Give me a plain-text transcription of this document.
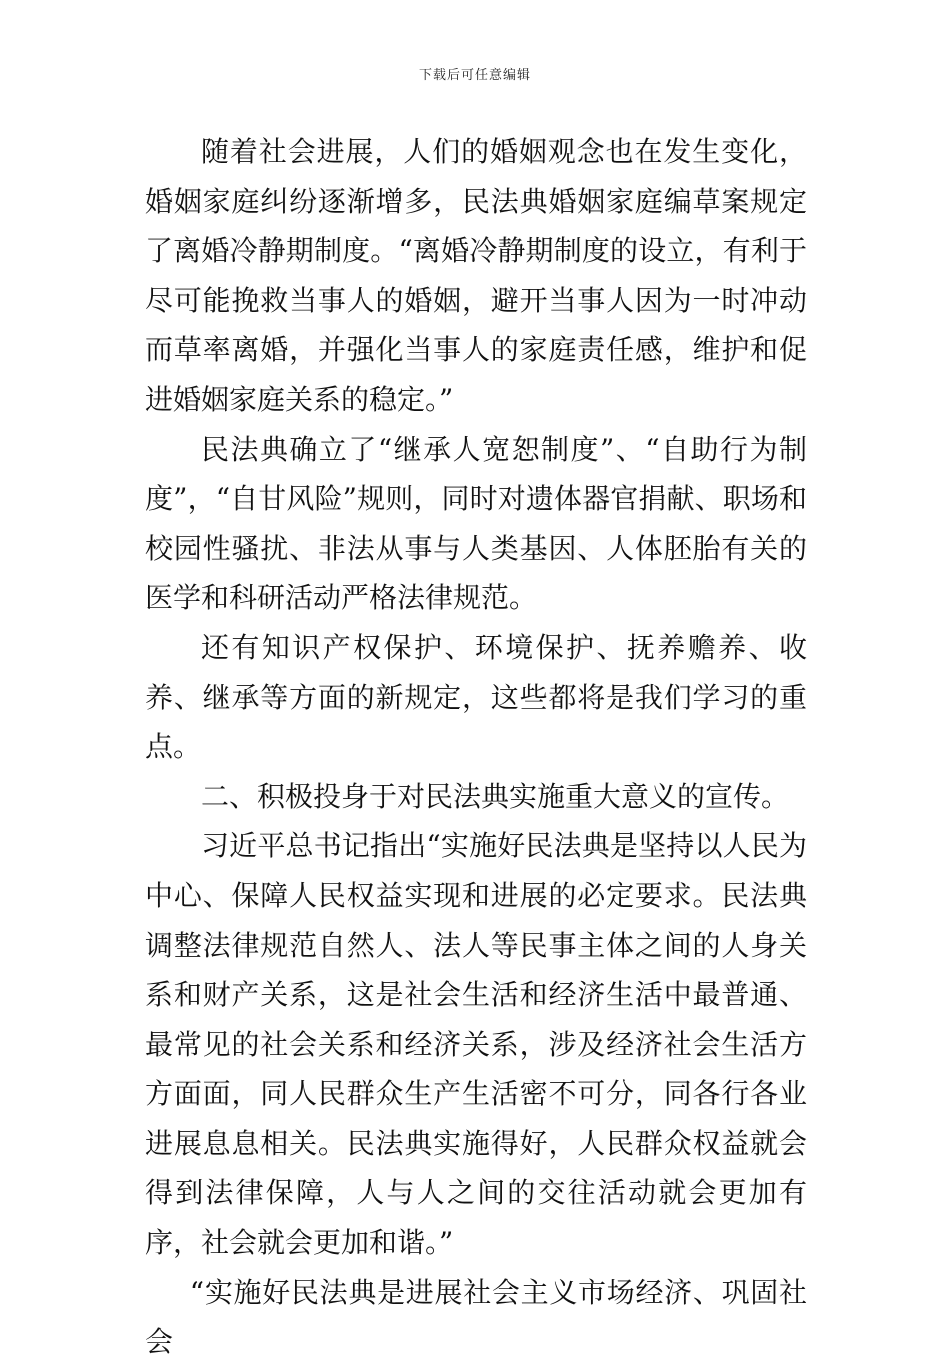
下载后可任意编辑

随着社会进展，人们的婚姻观念也在发生变化，婚姻家庭纠纷逐渐增多，民法典婚姻家庭编草案规定了离婚冷静期制度。“离婚冷静期制度的设立，有利于尽可能挽救当事人的婚姻，避开当事人因为一时冲动而草率离婚，并强化当事人的家庭责任感，维护和促进婚姻家庭关系的稳定。”

民法典确立了“继承人宽恕制度”、“自助行为制度”，“自甘风险”规则，同时对遗体器官捐献、职场和校园性骚扰、非法从事与人类基因、人体胚胎有关的医学和科研活动严格法律规范。

还有知识产权保护、环境保护、抚养赡养、收养、继承等方面的新规定，这些都将是我们学习的重点。

二、积极投身于对民法典实施重大意义的宣传。

习近平总书记指出“实施好民法典是坚持以人民为中心、保障人民权益实现和进展的必定要求。民法典调整法律规范自然人、法人等民事主体之间的人身关系和财产关系，这是社会生活和经济生活中最普通、最常见的社会关系和经济关系，涉及经济社会生活方方面面，同人民群众生产生活密不可分，同各行各业进展息息相关。民法典实施得好，人民群众权益就会得到法律保障，人与人之间的交往活动就会更加有序，社会就会更加和谐。”

“实施好民法典是进展社会主义市场经济、巩固社会
